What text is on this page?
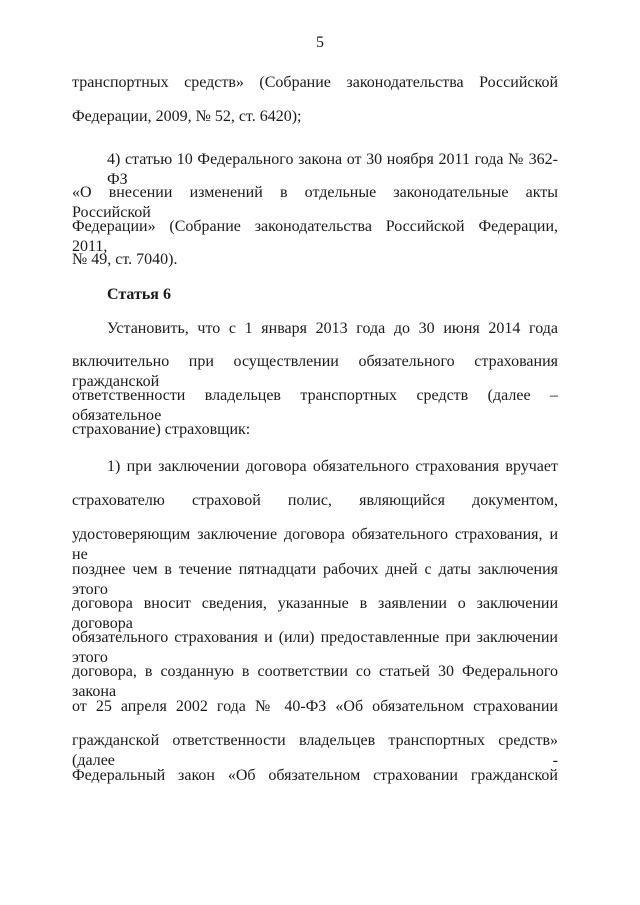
5
транспортных средств» (Собрание законодательства Российской
Федерации, 2009, № 52, ст. 6420);
4) статью 10 Федерального закона от 30 ноября 2011 года № 362-ФЗ
«О внесении изменений в отдельные законодательные акты Российской
Федерации» (Собрание законодательства Российской Федерации, 2011,
№ 49, ст. 7040).
Статья 6
Установить, что с 1 января 2013 года до 30 июня 2014 года
включительно при осуществлении обязательного страхования гражданской
ответственности владельцев транспортных средств (далее – обязательное
страхование) страховщик:
1) при заключении договора обязательного страхования вручает
страхователю страховой полис, являющийся документом,
удостоверяющим заключение договора обязательного страхования, и не
позднее чем в течение пятнадцати рабочих дней с даты заключения этого
договора вносит сведения, указанные в заявлении о заключении договора
обязательного страхования и (или) предоставленные при заключении этого
договора, в созданную в соответствии со статьей 30 Федерального закона
от 25 апреля 2002 года № 40-ФЗ «Об обязательном страховании
гражданской ответственности владельцев транспортных средств» (далее -
Федеральный закон «Об обязательном страховании гражданской
